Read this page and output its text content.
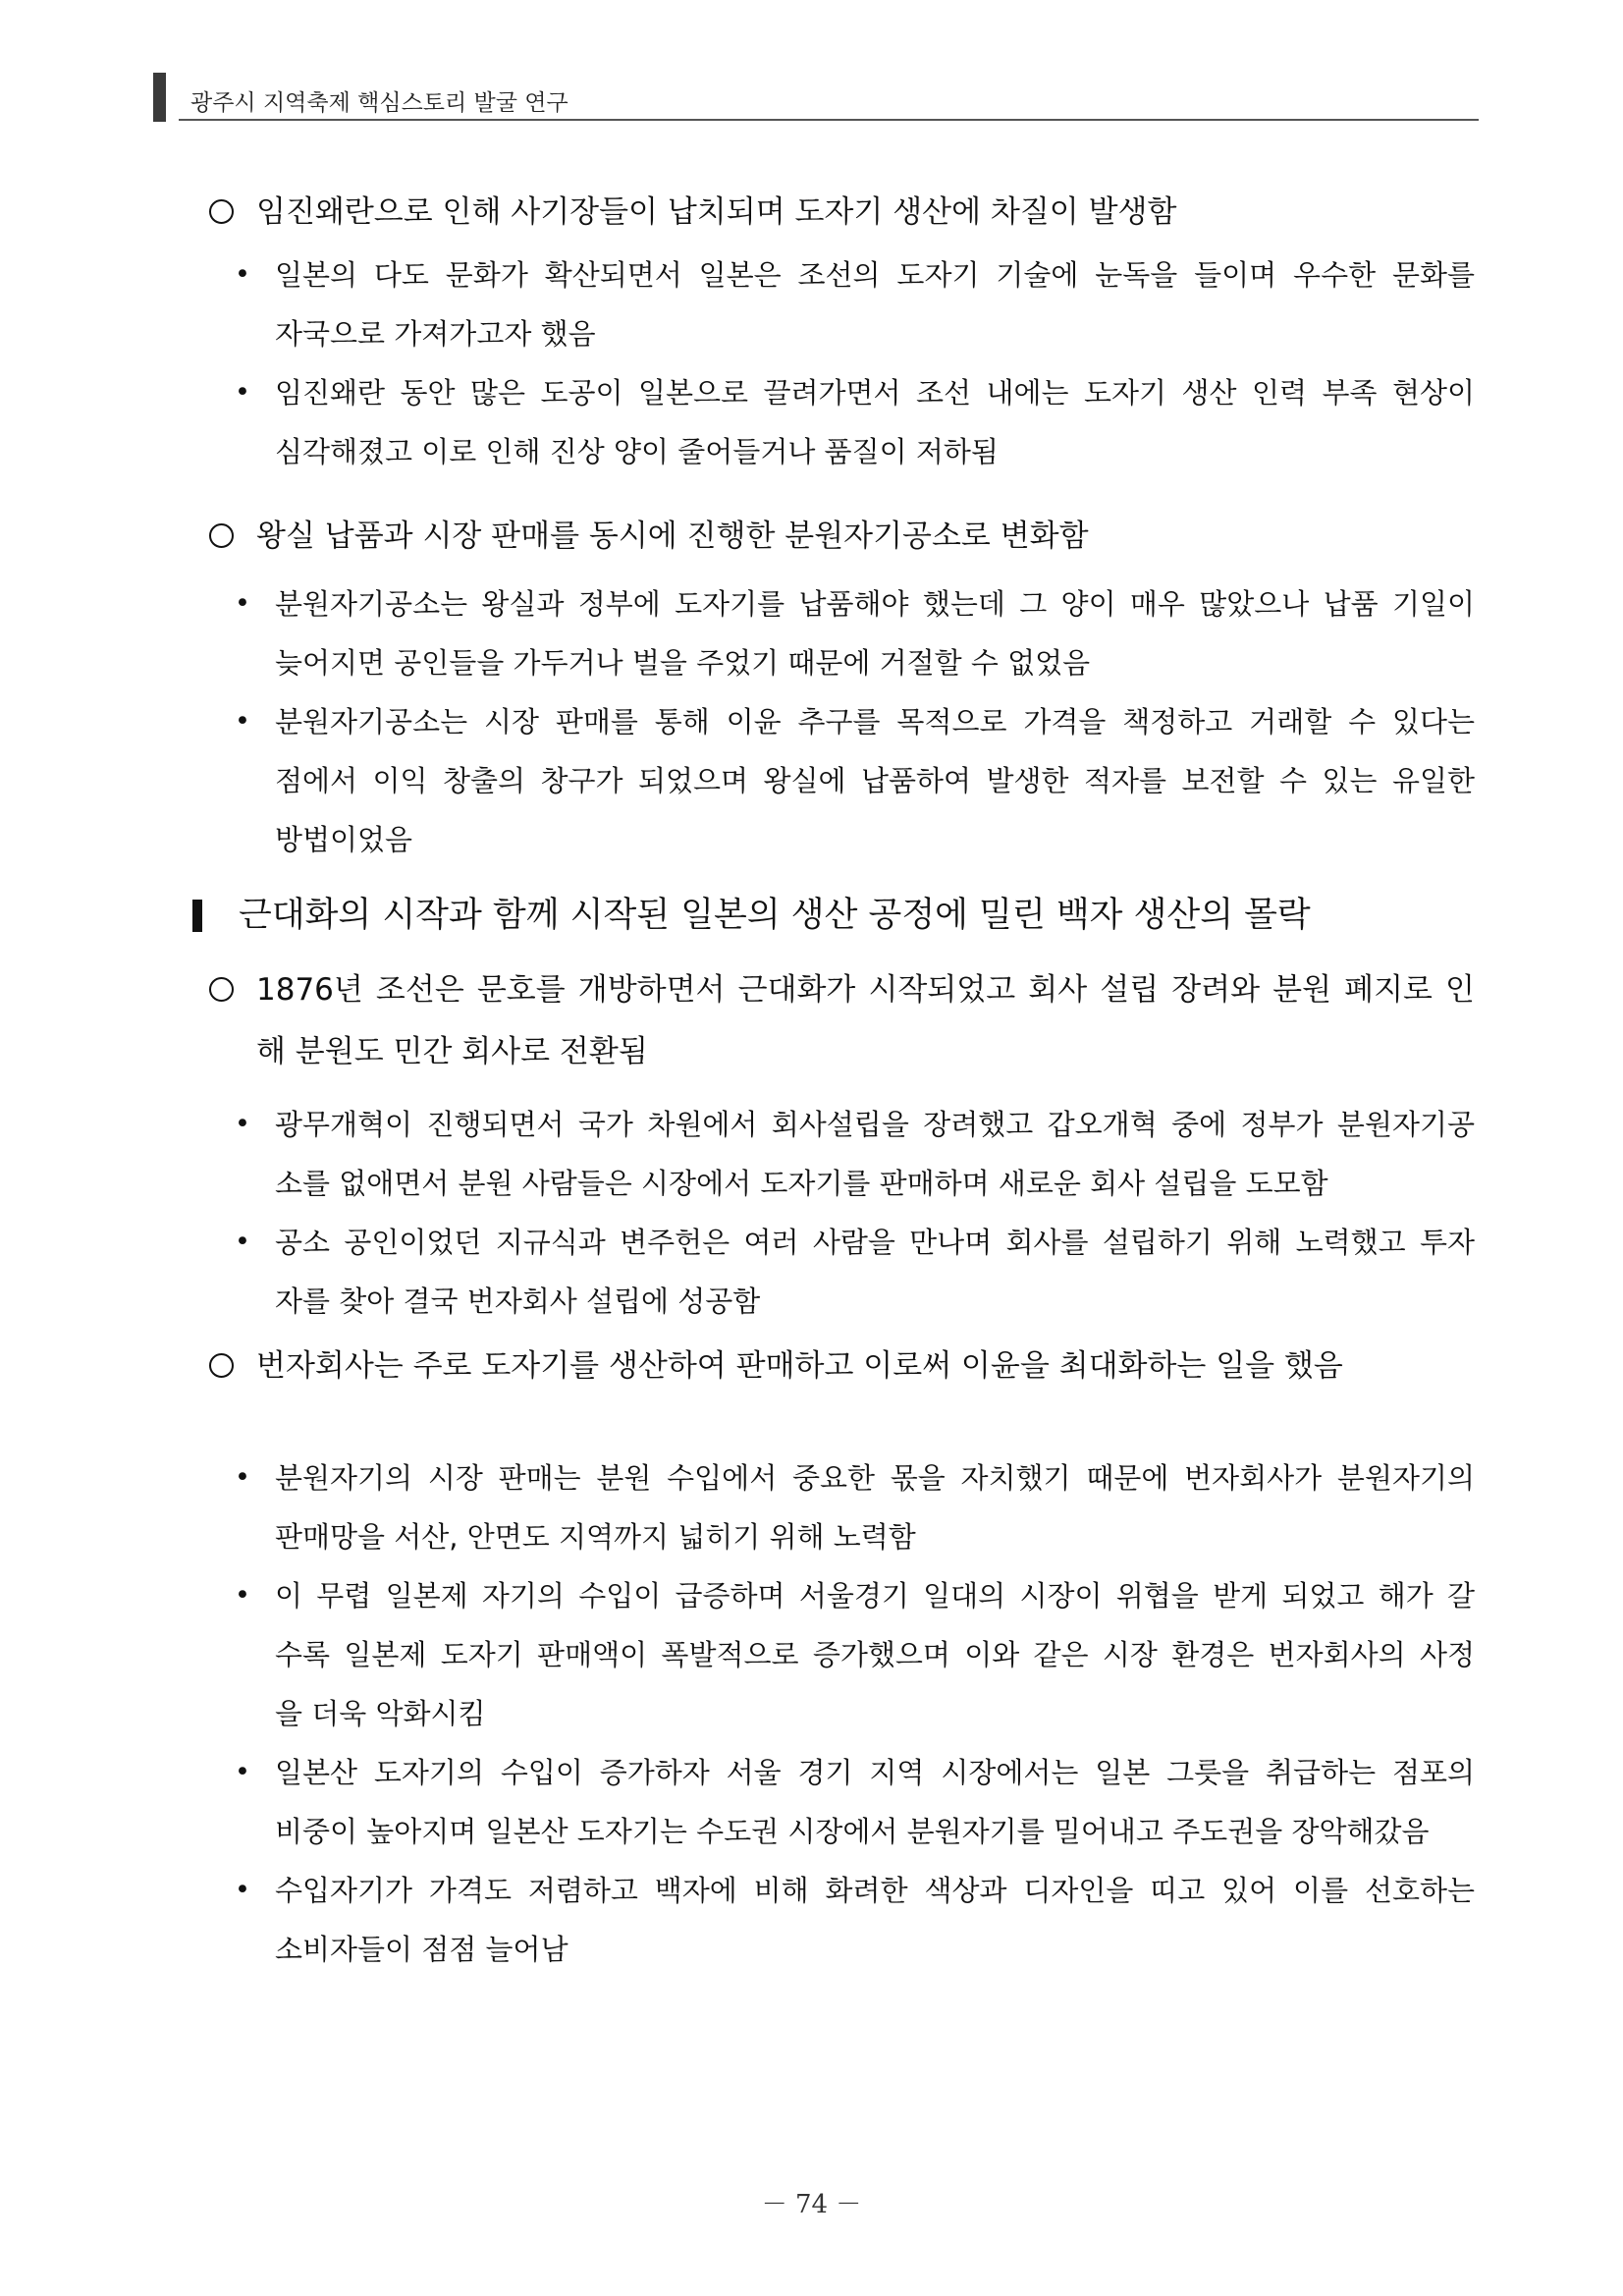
광주시 지역축제 핵심스토리 발굴 연구
임진왜란으로 인해 사기장들이 납치되며 도자기 생산에 차질이 발생함
• 일본의 다도 문화가 확산되면서 일본은 조선의 도자기 기술에 눈독을 들이며 우수한 문화를
자국으로 가져가고자 했음
• 임진왜란 동안 많은 도공이 일본으로 끌려가면서 조선 내에는 도자기 생산 인력 부족 현상이
심각해졌고 이로 인해 진상 양이 줄어들거나 품질이 저하됨
왕실 납품과 시장 판매를 동시에 진행한 분원자기공소로 변화함
• 분원자기공소는 왕실과 정부에 도자기를 납품해야 했는데 그 양이 매우 많았으나 납품 기일이
늦어지면 공인들을 가두거나 벌을 주었기 때문에 거절할 수 없었음
• 분원자기공소는 시장 판매를 통해 이윤 추구를 목적으로 가격을 책정하고 거래할 수 있다는
점에서 이익 창출의 창구가 되었으며 왕실에 납품하여 발생한 적자를 보전할 수 있는 유일한
방법이었음
근대화의 시작과 함께 시작된 일본의 생산 공정에 밀린 백자 생산의 몰락
1876년 조선은 문호를 개방하면서 근대화가 시작되었고 회사 설립 장려와 분원 폐지로 인
해 분원도 민간 회사로 전환됨
• 광무개혁이 진행되면서 국가 차원에서 회사설립을 장려했고 갑오개혁 중에 정부가 분원자기공
소를 없애면서 분원 사람들은 시장에서 도자기를 판매하며 새로운 회사 설립을 도모함
• 공소 공인이었던 지규식과 변주헌은 여러 사람을 만나며 회사를 설립하기 위해 노력했고 투자
자를 찾아 결국 번자회사 설립에 성공함
번자회사는 주로 도자기를 생산하여 판매하고 이로써 이윤을 최대화하는 일을 했음
• 분원자기의 시장 판매는 분원 수입에서 중요한 몫을 자치했기 때문에 번자회사가 분원자기의
판매망을 서산, 안면도 지역까지 넓히기 위해 노력함
• 이 무렵 일본제 자기의 수입이 급증하며 서울경기 일대의 시장이 위협을 받게 되었고 해가 갈
수록 일본제 도자기 판매액이 폭발적으로 증가했으며 이와 같은 시장 환경은 번자회사의 사정
을 더욱 악화시킴
• 일본산 도자기의 수입이 증가하자 서울 경기 지역 시장에서는 일본 그릇을 취급하는 점포의
비중이 높아지며 일본산 도자기는 수도권 시장에서 분원자기를 밀어내고 주도권을 장악해갔음
• 수입자기가 가격도 저렴하고 백자에 비해 화려한 색상과 디자인을 띠고 있어 이를 선호하는
소비자들이 점점 늘어남
－ 74 －
